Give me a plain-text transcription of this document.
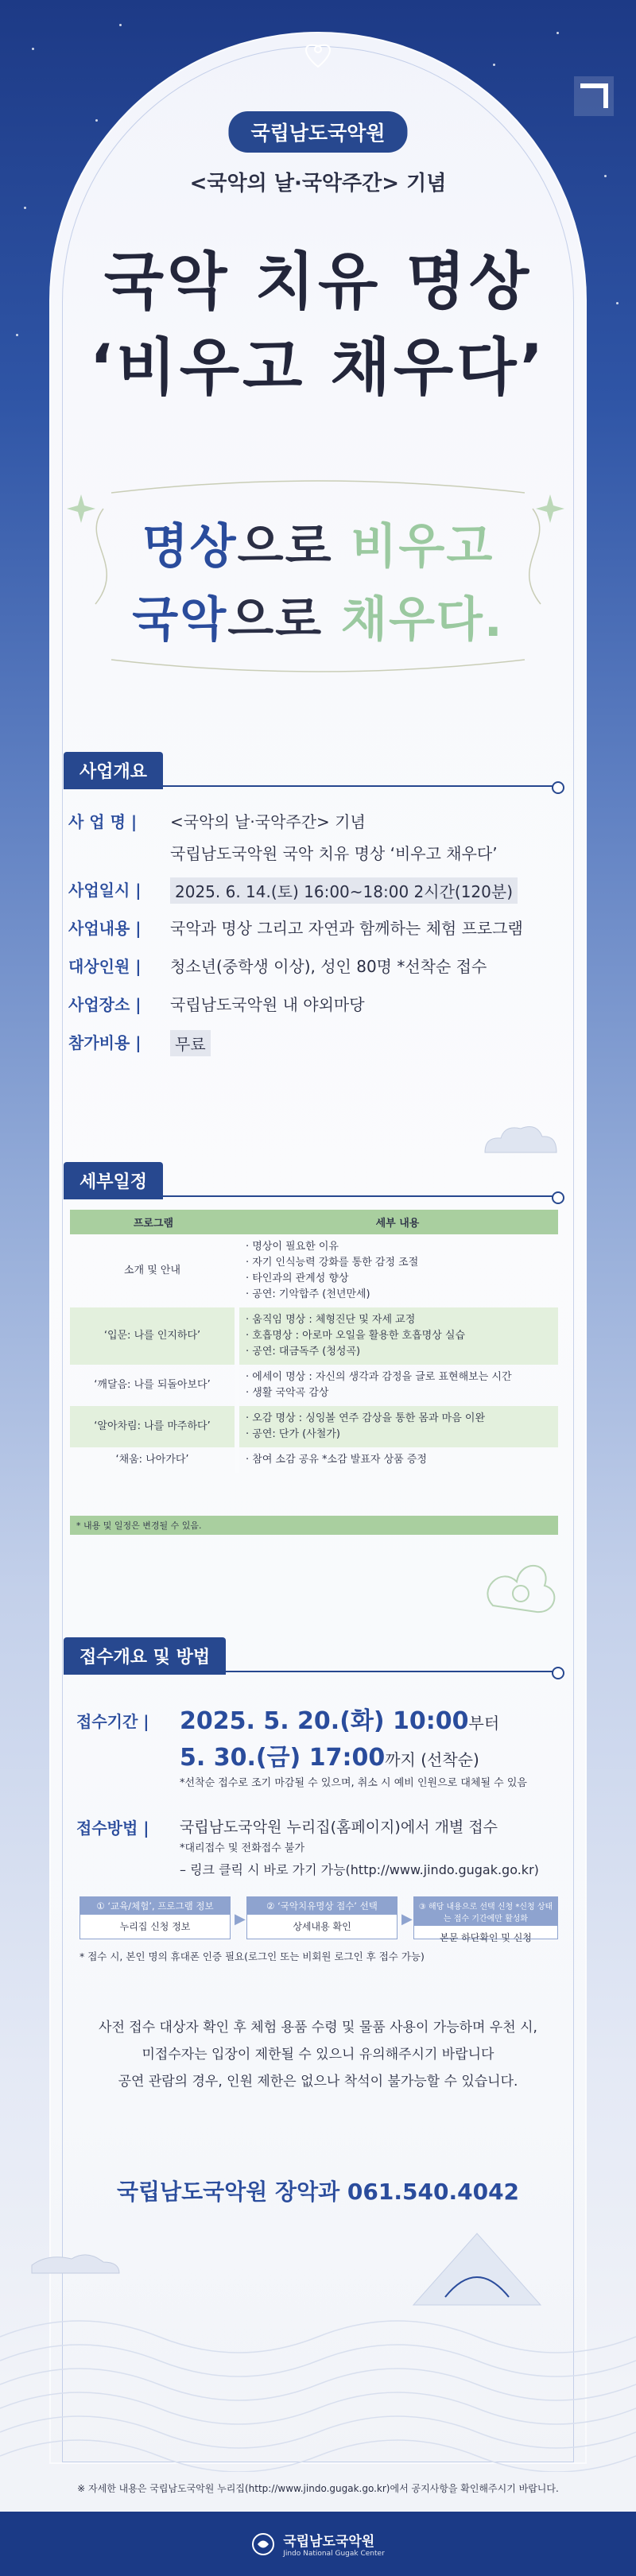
국립남도국악원
<국악의 날·국악주간> 기념
국악 치유 명상
‘비우고 채우다’
명상으로 비우고
국악으로 채우다.
사업개요
사 업 명 |	<국악의 날·국악주간> 기념
국립남도국악원 국악 치유 명상 ‘비우고 채우다’
사업일시 |	2025. 6. 14.(토) 16:00~18:00 2시간(120분)
사업내용 |	국악과 명상 그리고 자연과 함께하는 체험 프로그램
대상인원 |	청소년(중학생 이상), 성인 80명 *선착순 접수
사업장소 |	국립남도국악원 내 야외마당
참가비용 |	무료
세부일정
프로그램	세부 내용
소개 및 안내	· 명상이 필요한 이유
· 자기 인식능력 강화를 통한 감정 조절
· 타인과의 관계성 향상
· 공연: 기악합주 (천년만세)

‘입문: 나를 인지하다’	· 움직임 명상 : 체형진단 및 자세 교정
· 호흡명상 : 아로마 오일을 활용한 호흡명상 실습
· 공연: 대금독주 (청성곡)

‘깨달음: 나를 되돌아보다’	· 에세이 명상 : 자신의 생각과 감정을 글로 표현해보는 시간
· 생활 국악곡 감상

‘알아차림: 나를 마주하다’	· 오감 명상 : 싱잉볼 연주 감상을 통한 몸과 마음 이완
· 공연: 단가 (사철가)

‘채움: 나아가다’	· 참여 소감 공유 *소감 발표자 상품 증정
* 내용 및 일정은 변경될 수 있음.
접수개요 및 방법
접수기간 | 2025. 5. 20.(화) 10:00부터
5. 30.(금) 17:00까지 (선착순)
*선착순 접수로 조기 마감될 수 있으며, 취소 시 예비 인원으로 대체될 수 있음
접수방법 | 국립남도국악원 누리집(홈페이지)에서 개별 접수
*대리접수 및 전화접수 불가
– 링크 클릭 시 바로 가기 가능(http://www.jindo.gugak.go.kr)
① ‘교육/체험’, 프로그램 정보
누리집 신청 정보	▶
② ‘국악치유명상 접수’ 선택
상세내용 확인	▶
③ 해당 내용으로 선택 신청 *신청 상태는 접수 기간에만 활성화
본문 하단확인 및 신청
* 접수 시, 본인 명의 휴대폰 인증 필요(로그인 또는 비회원 로그인 후 접수 가능)
사전 접수 대상자 확인 후 체험 용품 수령 및 물품 사용이 가능하며 우천 시,
미접수자는 입장이 제한될 수 있으니 유의해주시기 바랍니다
공연 관람의 경우, 인원 제한은 없으나 착석이 불가능할 수 있습니다.
국립남도국악원 장악과 061.540.4042
※ 자세한 내용은 국립남도국악원 누리집(http://www.jindo.gugak.go.kr)에서 공지사항을 확인해주시기 바랍니다.
국립남도국악원
Jindo National Gugak Center
